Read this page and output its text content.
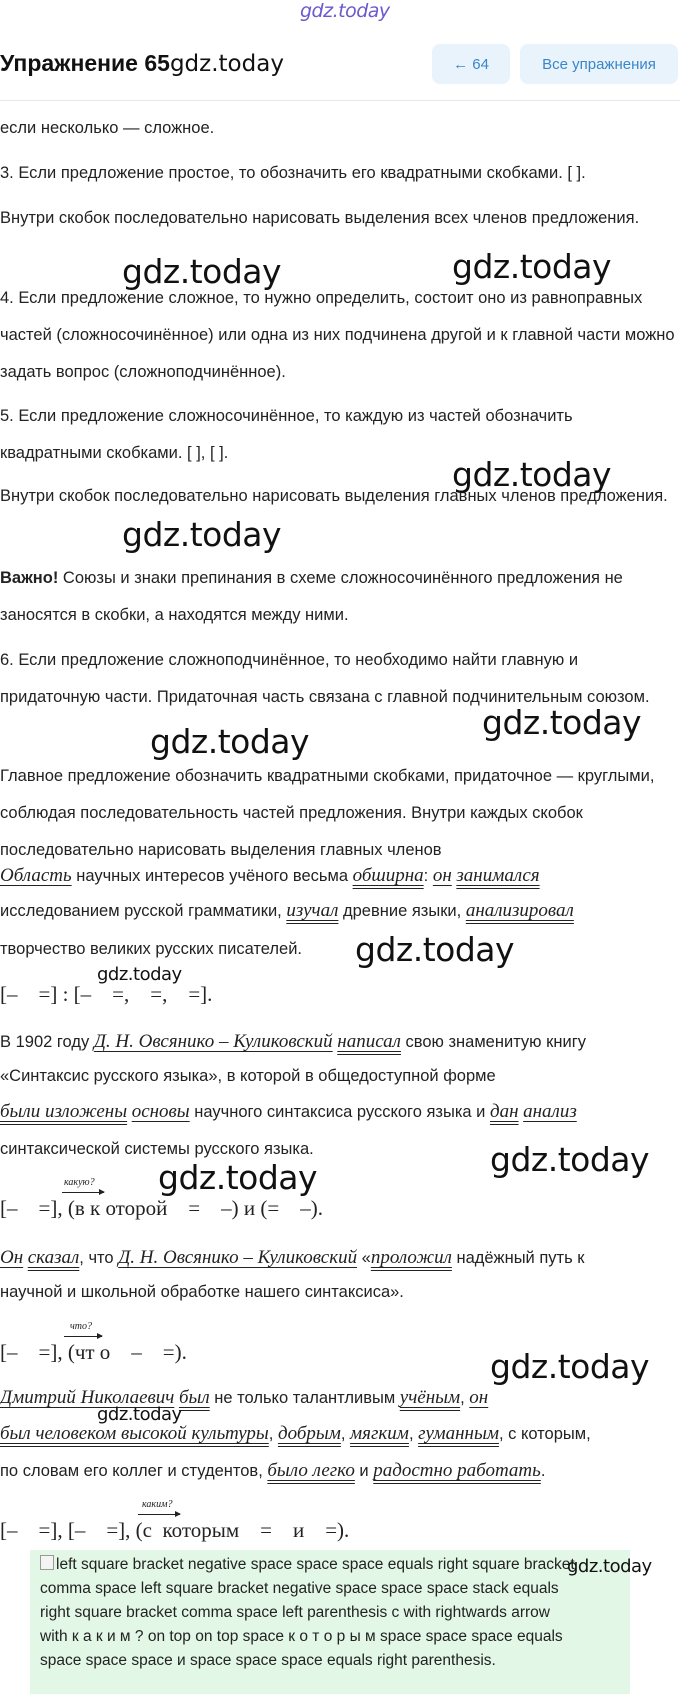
gdz.today
Упражнение 65gdz.today	← 64	Все упражнения

если несколько — сложное.

3. Если предложение простое, то обозначить его квадратными скобками. [ ].

Внутри скобок последовательно нарисовать выделения всех членов предложения.

4. Если предложение сложное, то нужно определить, состоит оно из равноправных частей (сложносочинённое) или одна из них подчинена другой и к главной части можно задать вопрос (сложноподчинённое).

5. Если предложение сложносочинённое, то каждую из частей обозначить квадратными скобками. [ ], [ ].

Внутри скобок последовательно нарисовать выделения главных членов предложения.

Важно! Союзы и знаки препинания в схеме сложносочинённого предложения не заносятся в скобки, а находятся между ними.

6. Если предложение сложноподчинённое, то необходимо найти главную и придаточную части. Придаточная часть связана с главной подчинительным союзом.

Главное предложение обозначить квадратными скобками, придаточное — круглыми, соблюдая последовательность частей предложения. Внутри каждых скобок последовательно нарисовать выделения главных членов

Область научных интересов учёного весьма обширна: он занимался
исследованием русской грамматики, изучал древние языки, анализировал
творчество великих русских писателей.
[–    =] : [–    =,    =,    =].
В 1902 году Д. Н. Овсянико – Куликовский написал свою знаменитую книгу
«Синтаксис русского языка», в которой в общедоступной форме
были изложены основы научного синтаксиса русского языка и дан анализ
синтаксической системы русского языка.
какую?
[–    =], (в к оторой    =    –) и (=    –).
Он сказал, что Д. Н. Овсянико – Куликовский «проложил надёжный путь к
научной и школьной обработке нашего синтаксиса».
что?
[–    =], (чт о    –    =).
Дмитрий Николаевич был не только талантливым учёным, он
был человеком высокой культуры, добрым, мягким, гуманным, с которым,
по словам его коллег и студентов, было легко и радостно работать.
каким?
[–    =], [–    =], (с  которым    =    и    =).
left square bracket negative space space space equals right square bracket comma space left square bracket negative space space space stack equals right square bracket comma space left parenthesis с with rightwards arrow with к а к и м ? on top on top space к о т о р ы м space space space equals space space space и space space space equals right parenthesis.
gdz.today	gdz.today
gdz.today
gdz.today
gdz.today
gdz.today
gdz.today
gdz.today
gdz.today	gdz.today
gdz.today
gdz.today
gdz.today
